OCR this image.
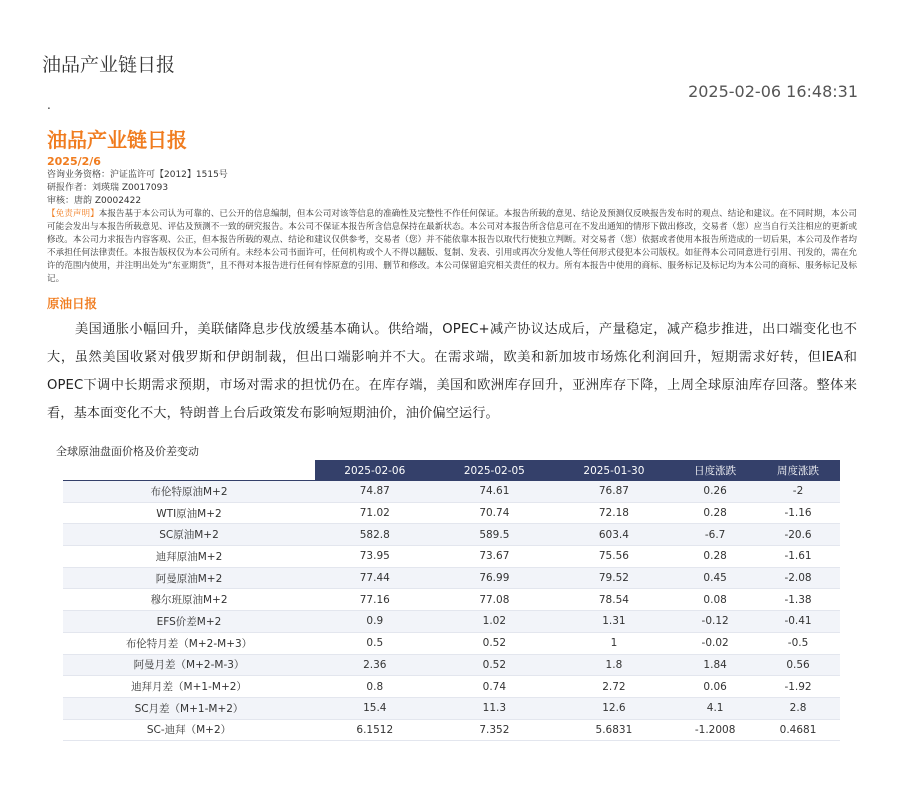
油品产业链日报
2025-02-06 16:48:31
.
油品产业链日报
2025/2/6
咨询业务资格：沪证监许可【2012】1515号
研报作者：刘瑛瑞 Z0017093
审核：唐韵 Z0002422
【免责声明】本报告基于本公司认为可靠的、已公开的信息编制，但本公司对该等信息的准确性及完整性不作任何保证。本报告所载的意见、结论及预测仅反映报告发布时的观点、结论和建议。在不同时期，本公司可能会发出与本报告所载意见、评估及预测不一致的研究报告。本公司不保证本报告所含信息保持在最新状态。本公司对本报告所含信息可在不发出通知的情形下做出修改，交易者（您）应当自行关注相应的更新或修改。本公司力求报告内容客观、公正，但本报告所载的观点、结论和建议仅供参考，交易者（您）并不能依靠本报告以取代行使独立判断。对交易者（您）依据或者使用本报告所造成的一切后果，本公司及作者均不承担任何法律责任。本报告版权仅为本公司所有。未经本公司书面许可，任何机构或个人不得以翻版、复制、发表、引用或再次分发他人等任何形式侵犯本公司版权。如征得本公司同意进行引用、刊发的，需在允许的范围内使用，并注明出处为“东亚期货”，且不得对本报告进行任何有悖原意的引用、删节和修改。本公司保留追究相关责任的权力。所有本报告中使用的商标、服务标记及标记均为本公司的商标、服务标记及标记。
原油日报
美国通胀小幅回升，美联储降息步伐放缓基本确认。供给端，OPEC+减产协议达成后，产量稳定，减产稳步推进，出口端变化也不大，虽然美国收紧对俄罗斯和伊朗制裁，但出口端影响并不大。在需求端，欧美和新加坡市场炼化利润回升，短期需求好转，但IEA和OPEC下调中长期需求预期，市场对需求的担忧仍在。在库存端，美国和欧洲库存回升，亚洲库存下降，上周全球原油库存回落。整体来看，基本面变化不大，特朗普上台后政策发布影响短期油价，油价偏空运行。
全球原油盘面价格及价差变动
	2025-02-06	2025-02-05	2025-01-30	日度涨跌	周度涨跌
布伦特原油M+2	74.87	74.61	76.87	0.26	-2
WTI原油M+2	71.02	70.74	72.18	0.28	-1.16
SC原油M+2	582.8	589.5	603.4	-6.7	-20.6
迪拜原油M+2	73.95	73.67	75.56	0.28	-1.61
阿曼原油M+2	77.44	76.99	79.52	0.45	-2.08
穆尔班原油M+2	77.16	77.08	78.54	0.08	-1.38
EFS价差M+2	0.9	1.02	1.31	-0.12	-0.41
布伦特月差（M+2-M+3）	0.5	0.52	1	-0.02	-0.5
阿曼月差（M+2-M-3）	2.36	0.52	1.8	1.84	0.56
迪拜月差（M+1-M+2）	0.8	0.74	2.72	0.06	-1.92
SC月差（M+1-M+2）	15.4	11.3	12.6	4.1	2.8
SC-迪拜（M+2）	6.1512	7.352	5.6831	-1.2008	0.4681
